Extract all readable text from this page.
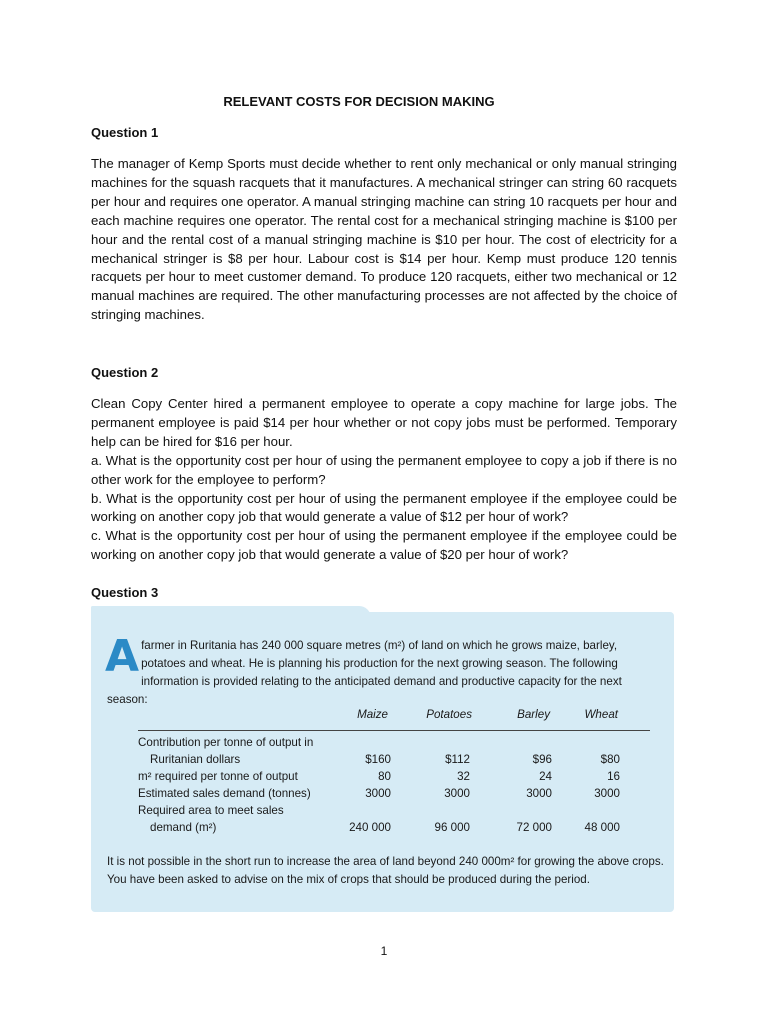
RELEVANT COSTS FOR DECISION MAKING
Question 1

The manager of Kemp Sports must decide whether to rent only mechanical or only manual stringing machines for the squash racquets that it manufactures. A mechanical stringer can string 60 racquets per hour and requires one operator. A manual stringing machine can string 10 racquets per hour and each machine requires one operator. The rental cost for a mechanical stringing machine is $100 per hour and the rental cost of a manual stringing machine is $10 per hour. The cost of electricity for a mechanical stringer is $8 per hour. Labour cost is $14 per hour. Kemp must produce 120 tennis racquets per hour to meet customer demand. To produce 120 racquets, either two mechanical or 12 manual machines are required. The other manufacturing processes are not affected by the choice of stringing machines.

Question 2

Clean Copy Center hired a permanent employee to operate a copy machine for large jobs. The permanent employee is paid $14 per hour whether or not copy jobs must be performed. Temporary help can be hired for $16 per hour.

a. What is the opportunity cost per hour of using the permanent employee to copy a job if there is no other work for the employee to perform?

b. What is the opportunity cost per hour of using the permanent employee if the employee could be working on another copy job that would generate a value of $12 per hour of work?

c. What is the opportunity cost per hour of using the permanent employee if the employee could be working on another copy job that would generate a value of $20 per hour of work?

Question 3

Afarmer in Ruritania has 240 000 square metres (m²) of land on which he grows maize, barley, potatoes and wheat. He is planning his production for the next growing season. The following information is provided relating to the anticipated demand and productive capacity for the next season:

Maize	Potatoes	Barley	Wheat
Contribution per tonne of output in
Ruritanian dollars	$160	$112	$96	$80
m² required per tonne of output	80	32	24	16
Estimated sales demand (tonnes)	3000	3000	3000	3000
Required area to meet sales
demand (m²)	240 000	96 000	72 000	48 000

It is not possible in the short run to increase the area of land beyond 240 000m² for growing the above crops. You have been asked to advise on the mix of crops that should be produced during the period.

1
